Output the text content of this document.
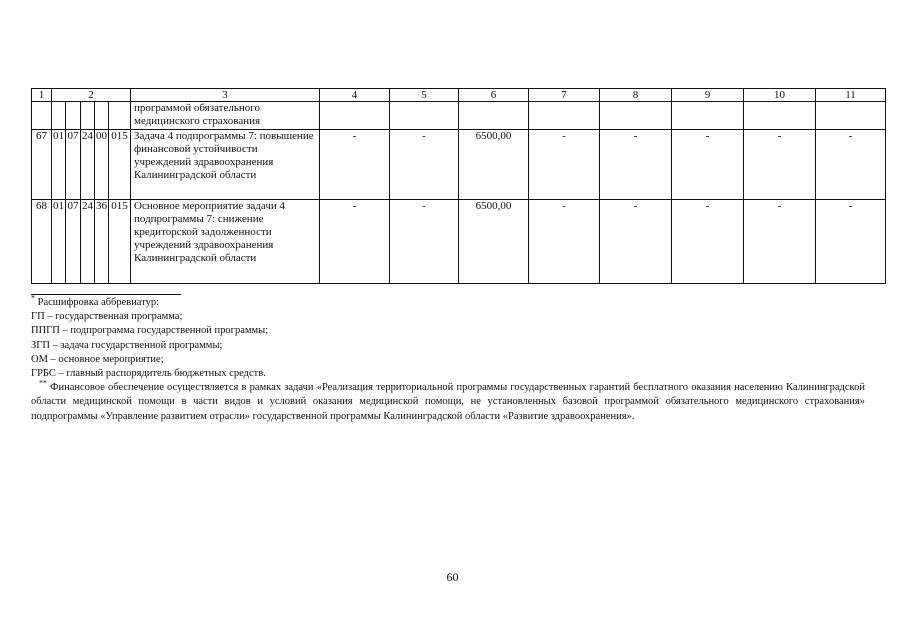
1	2					3	4	5	6	7	8	9	10	11
						программой обязательного медицинского страхования								
67	01	07	24	00	015	Задача 4 подпрограммы 7: повышение финансовой устойчивости учреждений здравоохранения Калининградской области	-	-	6500,00	-	-	-	-	-
68	01	07	24	36	015	Основное мероприятие задачи 4 подпрограммы 7: снижение кредиторской задолженности учреждений здравоохранения Калининградской области	-	-	6500,00	-	-	-	-	-
* Расшифровка аббревиатур:
ГП – государственная программа;
ППГП – подпрограмма государственной программы;
ЗГП – задача государственной программы;
ОМ – основное мероприятие;
ГРБС – главный распорядитель бюджетных средств.
** Финансовое обеспечение осуществляется в рамках задачи «Реализация территориальной программы государственных гарантий бесплатного оказания населению Калининградской области медицинской помощи в части видов и условий оказания медицинской помощи, не установленных базовой программой обязательного медицинского страхования» подпрограммы «Управление развитием отрасли» государственной программы Калининградской области «Развитие здравоохранения».
60
